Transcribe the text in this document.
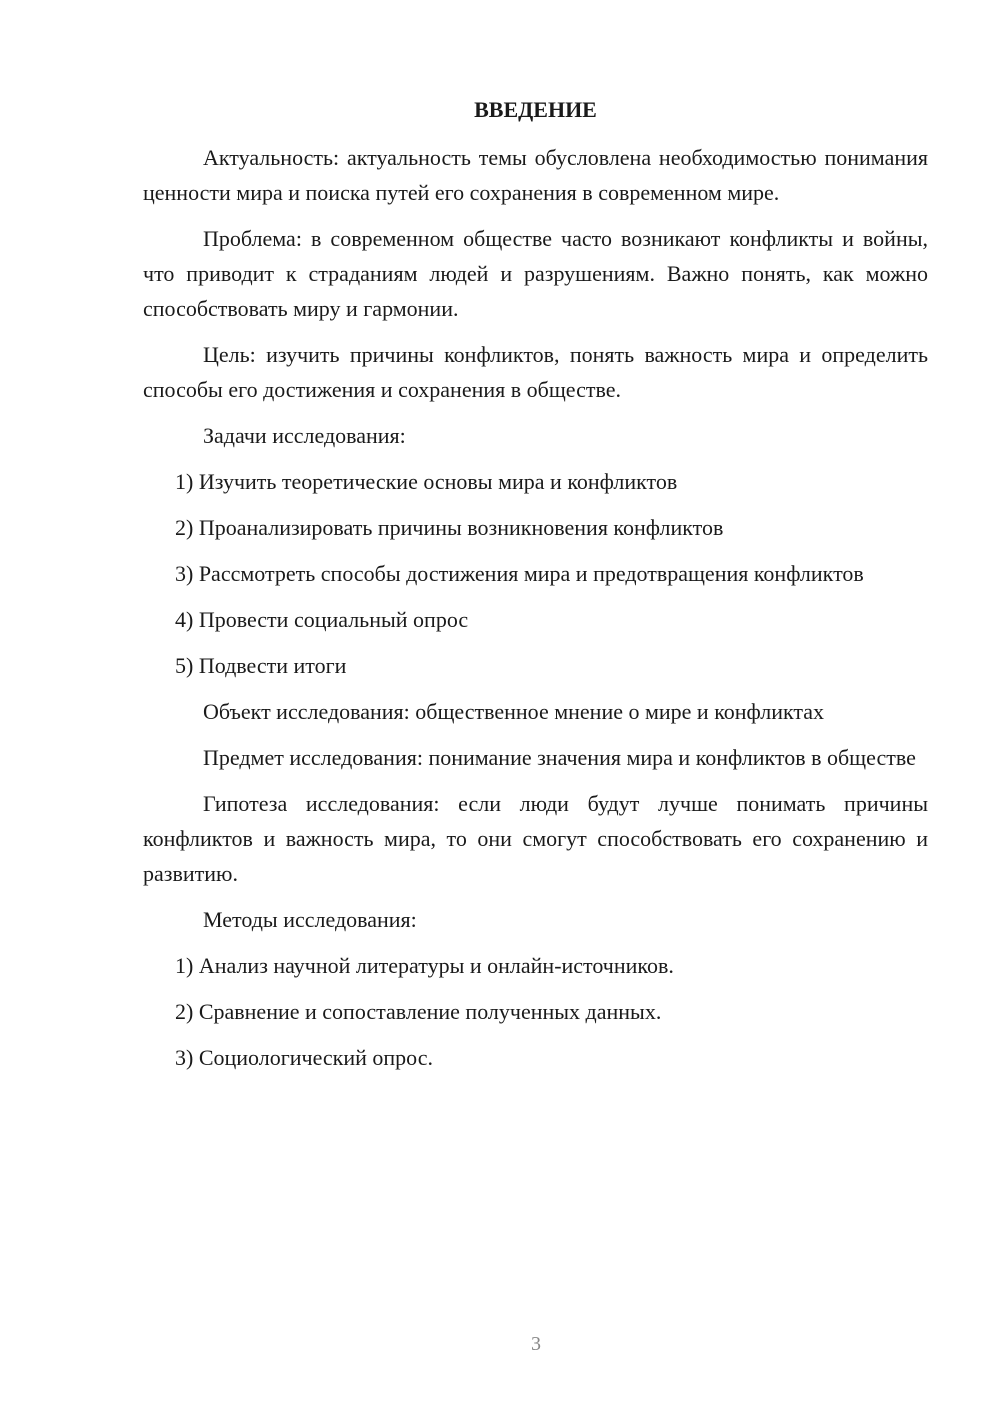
ВВЕДЕНИЕ

Актуальность: актуальность темы обусловлена необходимостью понимания ценности мира и поиска путей его сохранения в современном мире.

Проблема: в современном обществе часто возникают конфликты и войны, что приводит к страданиям людей и разрушениям. Важно понять, как можно способствовать миру и гармонии.

Цель: изучить причины конфликтов, понять важность мира и определить способы его достижения и сохранения в обществе.

Задачи исследования:

1) Изучить теоретические основы мира и конфликтов

2) Проанализировать причины возникновения конфликтов

3) Рассмотреть способы достижения мира и предотвращения конфликтов

4) Провести социальный опрос

5) Подвести итоги

Объект исследования: общественное мнение о мире и конфликтах

Предмет исследования: понимание значения мира и конфликтов в обществе

Гипотеза исследования: если люди будут лучше понимать причины конфликтов и важность мира, то они смогут способствовать его сохранению и развитию.

Методы исследования:

1) Анализ научной литературы и онлайн-источников.

2) Сравнение и сопоставление полученных данных.

3) Социологический опрос.

3
